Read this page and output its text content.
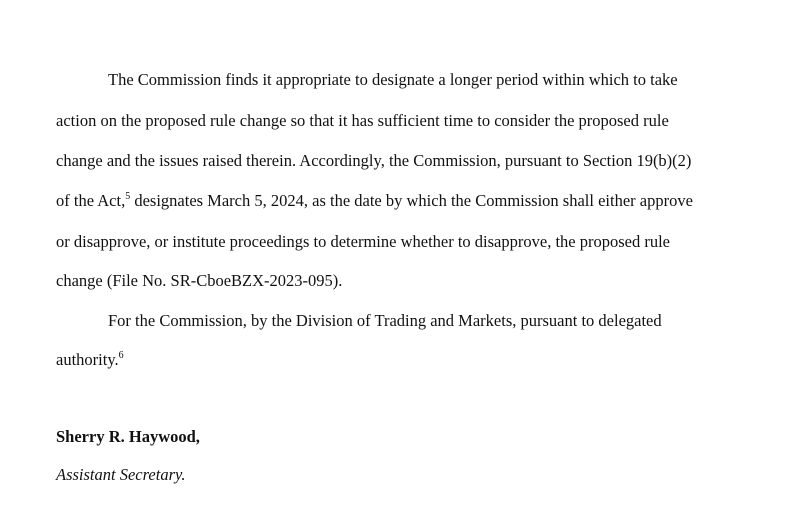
The Commission finds it appropriate to designate a longer period within which to take
action on the proposed rule change so that it has sufficient time to consider the proposed rule
change and the issues raised therein. Accordingly, the Commission, pursuant to Section 19(b)(2)
of the Act,$^5$ designates March 5, 2024, as the date by which the Commission shall either approve
or disapprove, or institute proceedings to determine whether to disapprove, the proposed rule
change (File No. SR-CboeBZX-2023-095).
For the Commission, by the Division of Trading and Markets, pursuant to delegated
authority.$^6$
Sherry R. Haywood,
Assistant Secretary.
